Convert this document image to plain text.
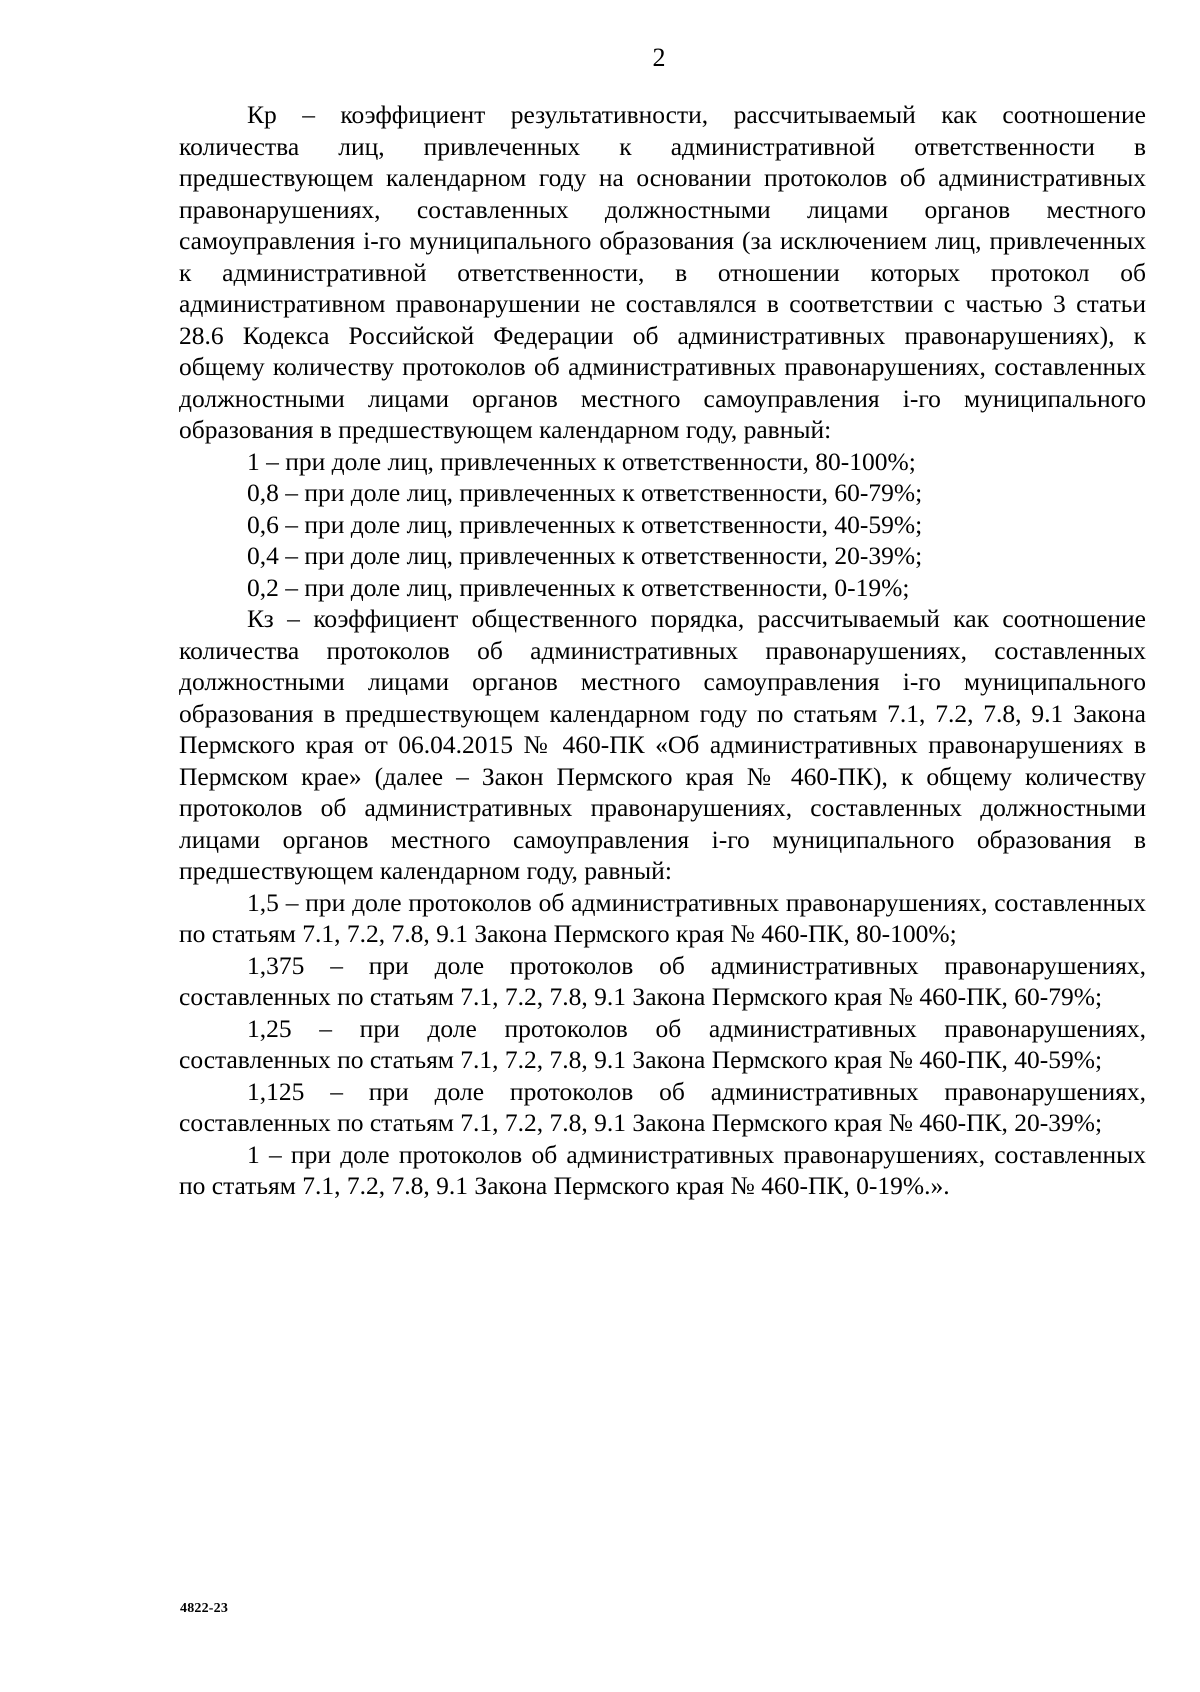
2

Кр – коэффициент результативности, рассчитываемый как соотношение количества лиц, привлеченных к административной ответственности в предшествующем календарном году на основании протоколов об административных правонарушениях, составленных должностными лицами органов местного самоуправления i-го муниципального образования (за исключением лиц, привлеченных к административной ответственности, в отношении которых протокол об административном правонарушении не составлялся в соответствии с частью 3 статьи 28.6 Кодекса Российской Федерации об административных правонарушениях), к общему количеству протоколов об административных правонарушениях, составленных должностными лицами органов местного самоуправления i-го муниципального образования в предшествующем календарном году, равный:

1 – при доле лиц, привлеченных к ответственности, 80-100%;

0,8 – при доле лиц, привлеченных к ответственности, 60-79%;

0,6 – при доле лиц, привлеченных к ответственности, 40-59%;

0,4 – при доле лиц, привлеченных к ответственности, 20-39%;

0,2 – при доле лиц, привлеченных к ответственности, 0-19%;

Кз – коэффициент общественного порядка, рассчитываемый как соотношение количества протоколов об административных правонарушениях, составленных должностными лицами органов местного самоуправления i-го муниципального образования в предшествующем календарном году по статьям 7.1, 7.2, 7.8, 9.1 Закона Пермского края от 06.04.2015 № 460-ПК «Об административных правонарушениях в Пермском крае» (далее – Закон Пермского края № 460-ПК), к общему количеству протоколов об административных правонарушениях, составленных должностными лицами органов местного самоуправления i-го муниципального образования в предшествующем календарном году, равный:

1,5 – при доле протоколов об административных правонарушениях, составленных по статьям 7.1, 7.2, 7.8, 9.1 Закона Пермского края № 460-ПК, 80-100%;

1,375 – при доле протоколов об административных правонарушениях, составленных по статьям 7.1, 7.2, 7.8, 9.1 Закона Пермского края № 460-ПК, 60-79%;

1,25 – при доле протоколов об административных правонарушениях, составленных по статьям 7.1, 7.2, 7.8, 9.1 Закона Пермского края № 460-ПК, 40-59%;

1,125 – при доле протоколов об административных правонарушениях, составленных по статьям 7.1, 7.2, 7.8, 9.1 Закона Пермского края № 460-ПК, 20-39%;

1 – при доле протоколов об административных правонарушениях, составленных по статьям 7.1, 7.2, 7.8, 9.1 Закона Пермского края № 460-ПК, 0-19%.».

4822-23
